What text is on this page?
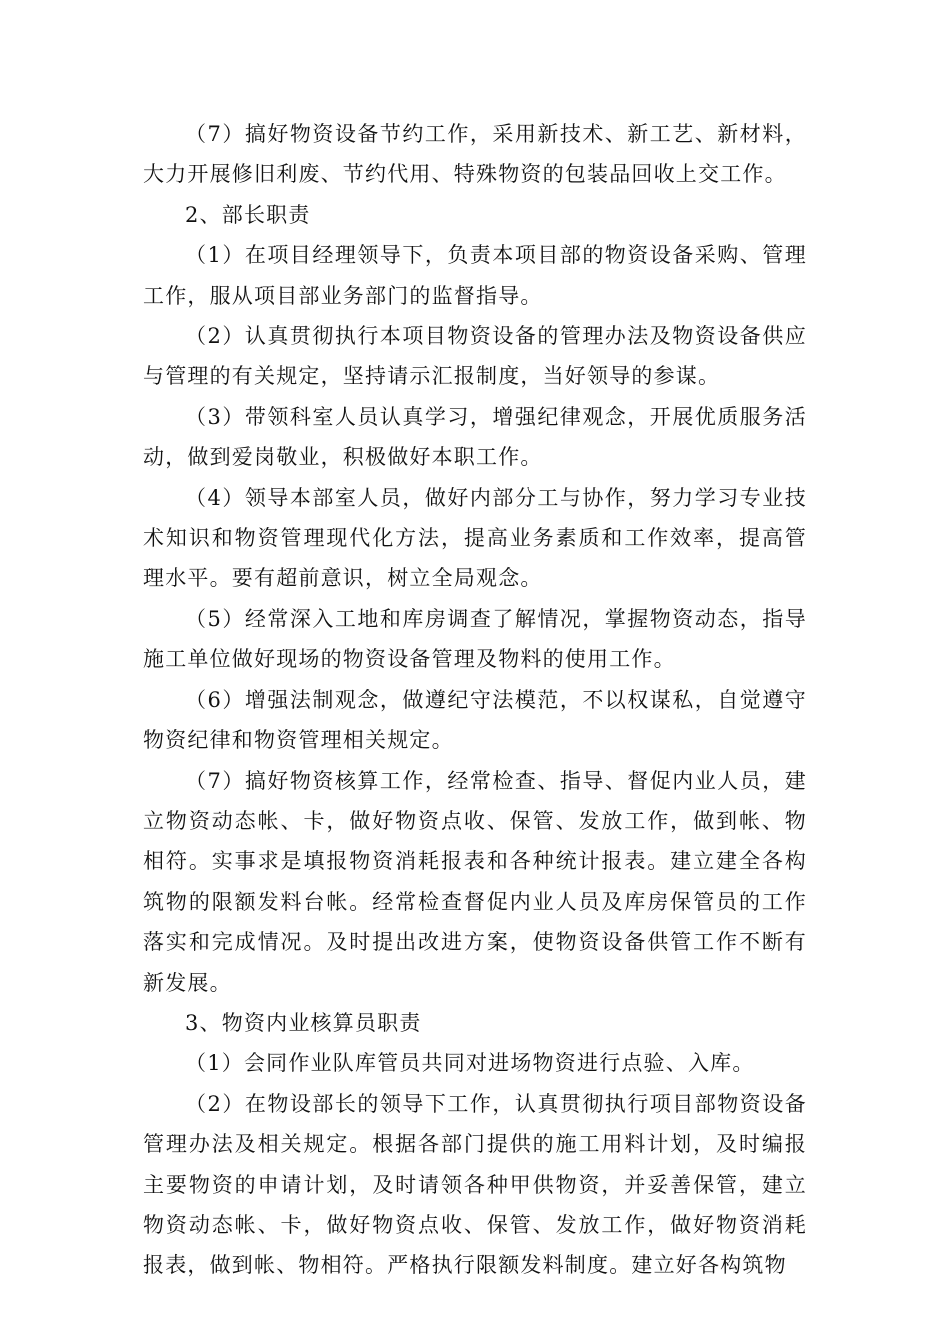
（7）搞好物资设备节约工作，采用新技术、新工艺、新材料，大力开展修旧利废、节约代用、特殊物资的包装品回收上交工作。

2、部长职责

（1）在项目经理领导下，负责本项目部的物资设备采购、管理工作，服从项目部业务部门的监督指导。

（2）认真贯彻执行本项目物资设备的管理办法及物资设备供应与管理的有关规定，坚持请示汇报制度，当好领导的参谋。

（3）带领科室人员认真学习，增强纪律观念，开展优质服务活动，做到爱岗敬业，积极做好本职工作。

（4）领导本部室人员，做好内部分工与协作，努力学习专业技术知识和物资管理现代化方法，提高业务素质和工作效率，提高管理水平。要有超前意识，树立全局观念。

（5）经常深入工地和库房调查了解情况，掌握物资动态，指导施工单位做好现场的物资设备管理及物料的使用工作。

（6）增强法制观念，做遵纪守法模范，不以权谋私，自觉遵守物资纪律和物资管理相关规定。

（7）搞好物资核算工作，经常检查、指导、督促内业人员，建立物资动态帐、卡，做好物资点收、保管、发放工作，做到帐、物相符。实事求是填报物资消耗报表和各种统计报表。建立建全各构筑物的限额发料台帐。经常检查督促内业人员及库房保管员的工作落实和完成情况。及时提出改进方案，使物资设备供管工作不断有新发展。

3、物资内业核算员职责

（1）会同作业队库管员共同对进场物资进行点验、入库。

（2）在物设部长的领导下工作，认真贯彻执行项目部物资设备管理办法及相关规定。根据各部门提供的施工用料计划，及时编报主要物资的申请计划，及时请领各种甲供物资，并妥善保管，建立物资动态帐、卡，做好物资点收、保管、发放工作，做好物资消耗报表，做到帐、物相符。严格执行限额发料制度。建立好各构筑物
